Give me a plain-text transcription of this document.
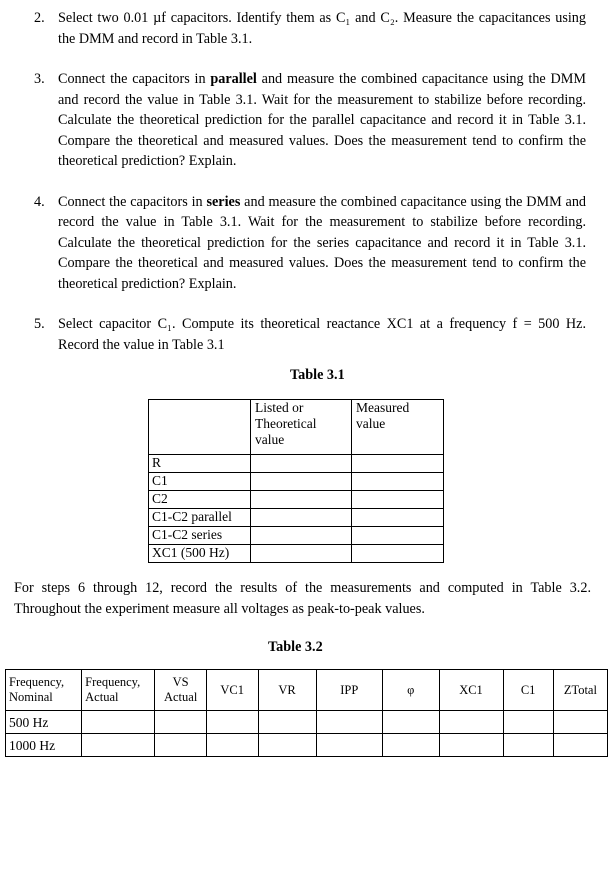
2. Select two 0.01 µf capacitors. Identify them as C₁ and C₂. Measure the capacitances using the DMM and record in Table 3.1.
3. Connect the capacitors in parallel and measure the combined capacitance using the DMM and record the value in Table 3.1. Wait for the measurement to stabilize before recording. Calculate the theoretical prediction for the parallel capacitance and record it in Table 3.1. Compare the theoretical and measured values. Does the measurement tend to confirm the theoretical prediction? Explain.
4. Connect the capacitors in series and measure the combined capacitance using the DMM and record the value in Table 3.1. Wait for the measurement to stabilize before recording. Calculate the theoretical prediction for the series capacitance and record it in Table 3.1. Compare the theoretical and measured values. Does the measurement tend to confirm the theoretical prediction? Explain.
5. Select capacitor C₁. Compute its theoretical reactance XC1 at a frequency f = 500 Hz. Record the value in Table 3.1
Table 3.1
	Listed or Theoretical value	Measured value
R		
C1		
C2		
C1-C2 parallel		
C1-C2 series		
XC1 (500 Hz)		
For steps 6 through 12, record the results of the measurements and computed in Table 3.2. Throughout the experiment measure all voltages as peak-to-peak values.
Table 3.2
Frequency, Nominal	Frequency, Actual	VS Actual	VC1	VR	IPP	φ	XC1	C1	ZTotal
500 Hz									
1000 Hz									
